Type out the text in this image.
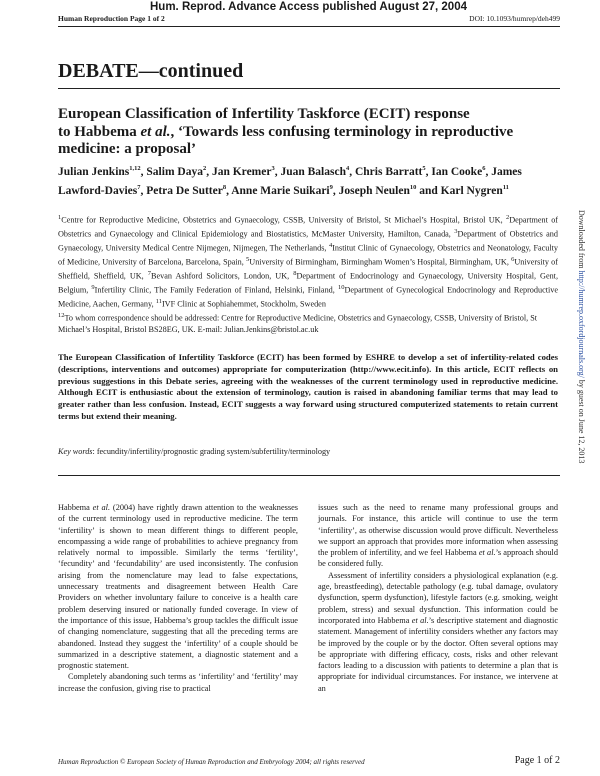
Hum. Reprod. Advance Access published August 27, 2004
Human Reproduction Page 1 of 2	DOI: 10.1093/humrep/deh499
DEBATE—continued
European Classification of Infertility Taskforce (ECIT) response
to Habbema et al., ‘Towards less confusing terminology in reproductive
medicine: a proposal’
Julian Jenkins$^{1,12}$, Salim Daya$^2$, Jan Kremer$^3$, Juan Balasch$^4$, Chris Barratt$^5$, Ian Cooke$^6$, James Lawford-Davies$^7$, Petra De Sutter$^8$, Anne Marie Suikari$^9$, Joseph Neulen$^{10}$ and Karl Nygren$^{11}$
$^1$Centre for Reproductive Medicine, Obstetrics and Gynaecology, CSSB, University of Bristol, St Michael’s Hospital, Bristol UK, $^2$Department of Obstetrics and Gynaecology and Clinical Epidemiology and Biostatistics, McMaster University, Hamilton, Canada, $^3$Department of Obstetrics and Gynaecology, University Medical Centre Nijmegen, Nijmegen, The Netherlands, $^4$Institut Clinic of Gynaecology, Obstetrics and Neonatology, Faculty of Medicine, University of Barcelona, Barcelona, Spain, $^5$University of Birmingham, Birmingham Women’s Hospital, Birmingham, UK, $^6$University of Sheffield, Sheffield, UK, $^7$Bevan Ashford Solicitors, London, UK, $^8$Department of Endocrinology and Gynaecology, University Hospital, Gent, Belgium, $^9$Infertility Clinic, The Family Federation of Finland, Helsinki, Finland, $^{10}$Department of Gynecological Endocrinology and Reproductive Medicine, Aachen, Germany, $^{11}$IVF Clinic at Sophiahemmet, Stockholm, Sweden
$^{12}$To whom correspondence should be addressed: Centre for Reproductive Medicine, Obstetrics and Gynaecology, CSSB, University of Bristol, St Michael’s Hospital, Bristol BS28EG, UK. E-mail: Julian.Jenkins@bristol.ac.uk
The European Classification of Infertility Taskforce (ECIT) has been formed by ESHRE to develop a set of infertility-related codes (descriptions, interventions and outcomes) appropriate for computerization (http://www.ecit.info). In this article, ECIT reflects on previous suggestions in this Debate series, agreeing with the weaknesses of the current terminology used in reproductive medicine. Although ECIT is enthusiastic about the extension of terminology, caution is raised in abandoning familiar terms that may lead to greater rather than less confusion. Instead, ECIT suggests a way forward using structured computerized statements to retain current terms but extend their meaning.
Key words: fecundity/infertility/prognostic grading system/subfertility/terminology

Habbema et al. (2004) have rightly drawn attention to the weaknesses of the current terminology used in reproductive medicine. The term ‘infertility’ is shown to mean different things to different people, encompassing a wide range of probabilities to achieve pregnancy from relatively normal to impossible. Similarly the terms ‘fertility’, ‘fecundity’ and ‘fecundability’ are used inconsistently. The confusion arising from the nomenclature may lead to false expectations, unnecessary treatments and disagreement between Health Care Providers on whether involuntary failure to conceive is a health care problem deserving insured or nationally funded coverage. In view of the importance of this issue, Habbema’s group tackles the difficult issue of changing nomenclature, suggesting that all the preceding terms are abandoned. Instead they suggest the ‘infertility’ of a couple should be summarized in a descriptive statement, a diagnostic statement and a prognostic statement.

Completely abandoning such terms as ‘infertility’ and ‘fertility’ may increase the confusion, giving rise to practical

issues such as the need to rename many professional groups and journals. For instance, this article will continue to use the term ‘infertility’, as otherwise discussion would prove difficult. Nevertheless we support an approach that provides more information when assessing the problem of infertility, and we feel Habbema et al.’s approach should be considered fully.

Assessment of infertility considers a physiological explanation (e.g. age, breastfeeding), detectable pathology (e.g. tubal damage, ovulatory dysfunction, sperm dysfunction), lifestyle factors (e.g. smoking, weight problem, stress) and sexual dysfunction. This information could be incorporated into Habbema et al.’s descriptive statement and diagnostic statement. Management of infertility considers whether any factors may be improved by the couple or by the doctor. Often several options may be appropriate with differing efficacy, costs, risks and other relevant factors leading to a discussion with patients to determine a plan that is appropriate for individual circumstances. For instance, we intervene at an

Human Reproduction © European Society of Human Reproduction and Embryology 2004; all rights reserved	Page 1 of 2
Downloaded from http://humrep.oxfordjournals.org/ by guest on June 12, 2013
